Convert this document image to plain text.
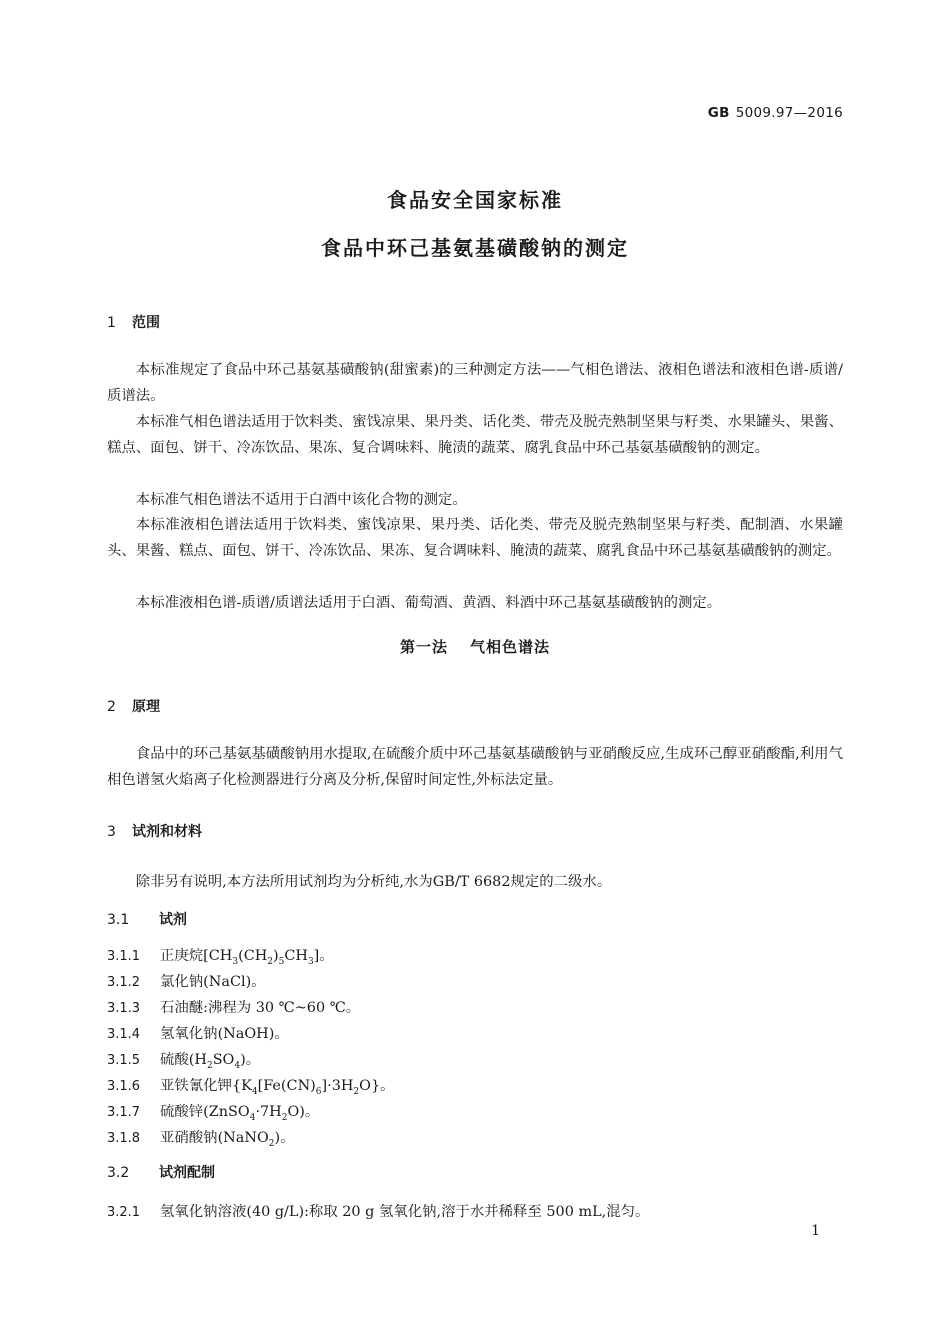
GB 5009.97—2016
食品安全国家标准
食品中环己基氨基磺酸钠的测定
1 范围
本标准规定了食品中环己基氨基磺酸钠(甜蜜素)的三种测定方法——气相色谱法、液相色谱法和液相色谱-质谱/质谱法。
本标准气相色谱法适用于饮料类、蜜饯凉果、果丹类、话化类、带壳及脱壳熟制坚果与籽类、水果罐头、果酱、糕点、面包、饼干、冷冻饮品、果冻、复合调味料、腌渍的蔬菜、腐乳食品中环己基氨基磺酸钠的测定。
本标准气相色谱法不适用于白酒中该化合物的测定。
本标准液相色谱法适用于饮料类、蜜饯凉果、果丹类、话化类、带壳及脱壳熟制坚果与籽类、配制酒、水果罐头、果酱、糕点、面包、饼干、冷冻饮品、果冻、复合调味料、腌渍的蔬菜、腐乳食品中环己基氨基磺酸钠的测定。
本标准液相色谱-质谱/质谱法适用于白酒、葡萄酒、黄酒、料酒中环己基氨基磺酸钠的测定。
第一法 气相色谱法
2 原理
食品中的环己基氨基磺酸钠用水提取,在硫酸介质中环己基氨基磺酸钠与亚硝酸反应,生成环己醇亚硝酸酯,利用气相色谱氢火焰离子化检测器进行分离及分析,保留时间定性,外标法定量。
3 试剂和材料
除非另有说明,本方法所用试剂均为分析纯,水为GB/T 6682规定的二级水。
3.1 试剂
3.1.1 正庚烷$[CH_3(CH_2)_5CH_3]$。
3.1.2 氯化钠(NaCl)。
3.1.3 石油醚:沸程为 30 ℃~60 ℃。
3.1.4 氢氧化钠(NaOH)。
3.1.5 硫酸$(H_2SO_4)$。
3.1.6 亚铁氰化钾$\{K_4[Fe(CN)_6]\cdot 3H_2O\}$。
3.1.7 硫酸锌$(ZnSO_4\cdot 7H_2O)$。
3.1.8 亚硝酸钠(NaNO$_2$)。
3.2 试剂配制
3.2.1 氢氧化钠溶液(40 g/L):称取 20 g 氢氧化钠,溶于水并稀释至 500 mL,混匀。
1
